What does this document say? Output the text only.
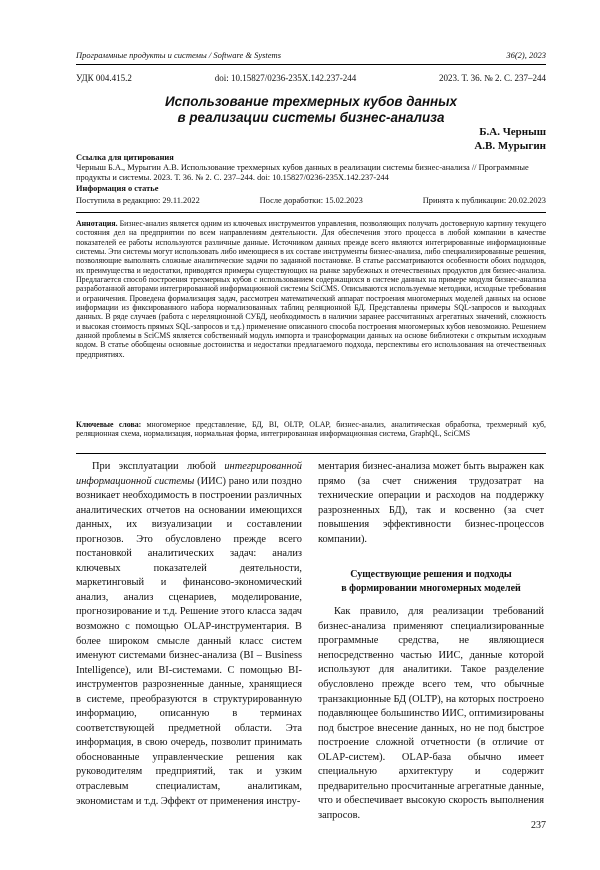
Программные продукты и системы / Software & Systems	36(2), 2023
УДК 004.415.2	doi: 10.15827/0236-235X.142.237-244	2023. Т. 36. № 2. С. 237–244
Использование трехмерных кубов данных
в реализации системы бизнес-анализа
Б.А. Черныш
А.В. Мурыгин
Ссылка для цитирования
Черныш Б.А., Мурыгин А.В. Использование трехмерных кубов данных в реализации системы бизнес-анализа // Программные продукты и системы. 2023. Т. 36. № 2. С. 237–244. doi: 10.15827/0236-235X.142.237-244
Информация о статье
Поступила в редакцию: 29.11.2022	После доработки: 15.02.2023	Принята к публикации: 20.02.2023
Аннотация. Бизнес-анализ является одним из ключевых инструментов управления, позволяющих получать достоверную картину текущего состояния дел на предприятии по всем направлениям деятельности. Для обеспечения этого процесса в любой компании в качестве показателей ее работы используются различные данные. Источником данных прежде всего являются интегрированные информационные системы. Эти системы могут использовать либо имеющиеся в их составе инструменты бизнес-анализа, либо специализированные решения, позволяющие выполнять сложные аналитические задачи по заданной постановке. В статье рассматриваются особенности обоих подходов, их преимущества и недостатки, приводятся примеры существующих на рынке зарубежных и отечественных продуктов для бизнес-анализа. Предлагается способ построения трехмерных кубов с использованием содержащихся в системе данных на примере модуля бизнес-анализа разработанной авторами интегрированной информационной системы SciCMS. Описываются используемые методики, исходные требования и ограничения. Проведена формализация задач, рассмотрен математический аппарат построения многомерных моделей данных на основе информации из фиксированного набора нормализованных таблиц реляционной БД. Представлены примеры SQL-запросов и выходных данных. В ряде случаев (работа с нереляционной СУБД, необходимость в наличии заранее рассчитанных агрегатных значений, сложность и высокая стоимость прямых SQL-запросов и т.д.) применение описанного способа построения многомерных кубов невозможно. Решением данной проблемы в SciCMS является собственный модуль импорта и трансформации данных на основе библиотеки с открытым исходным кодом. В статье обобщены основные достоинства и недостатки предлагаемого подхода, перспективы его использования на отечественных предприятиях.
Ключевые слова: многомерное представление, БД, BI, OLTP, OLAP, бизнес-анализ, аналитическая обработка, трехмерный куб, реляционная схема, нормализация, нормальная форма, интегрированная информационная система, GraphQL, SciCMS

При эксплуатации любой интегрированной информационной системы (ИИС) рано или поздно возникает необходимость в построении различных аналитических отчетов на основании имеющихся данных, их визуализации и составлении прогнозов. Это обусловлено прежде всего постановкой аналитических задач: анализ ключевых показателей деятельности, маркетинговый и финансово-экономический анализ, анализ сценариев, моделирование, прогнозирование и т.д. Решение этого класса задач возможно с помощью OLAP-инструментария. В более широком смысле данный класс систем именуют системами бизнес-анализа (BI – Business Intelligence), или BI-системами. С помощью BI-инструментов разрозненные данные, хранящиеся в системе, преобразуются в структурированную информацию, описанную в терминах соответствующей предметной области. Эта информация, в свою очередь, позволит принимать обоснованные управленческие решения как руководителям предприятий, так и узким отраслевым специалистам, аналитикам, экономистам и т.д. Эффект от применения инстру-

ментария бизнес-анализа может быть выражен как прямо (за счет снижения трудозатрат на технические операции и расходов на поддержку разрозненных БД), так и косвенно (за счет повышения эффективности бизнес-процессов компании).

Существующие решения и подходы
в формировании многомерных моделей

Как правило, для реализации требований бизнес-анализа применяют специализированные программные средства, не являющиеся непосредственно частью ИИС, данные которой используют для аналитики. Такое разделение обусловлено прежде всего тем, что обычные транзакционные БД (OLTP), на которых построено подавляющее большинство ИИС, оптимизированы под быстрое внесение данных, но не под быстрое построение сложной отчетности (в отличие от OLAP-систем). OLAP-база обычно имеет специальную архитектуру и содержит предварительно просчитанные агрегатные данные, что и обеспечивает высокую скорость выполнения запросов.

237
